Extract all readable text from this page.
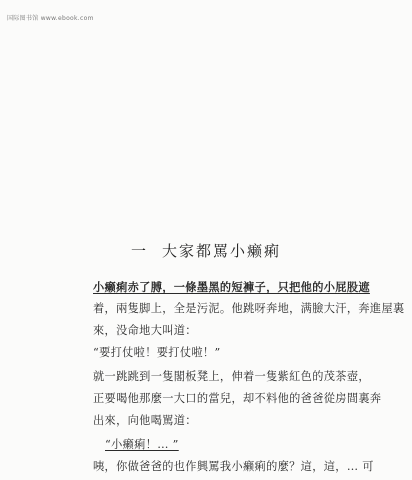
国际图书馆 www.ebook.com
一 大家都罵小癞痢
小癞痢赤了膊，一條墨黑的短褲子，只把他的小屁股遮
着，兩隻脚上，全是污泥。他跳呀奔地，满臉大汗，奔進屋裏
來，没命地大叫道：
“要打仗啦！要打仗啦！”
就一跳跳到一隻閣板凳上，伸着一隻紫紅色的茂茶壺，
正要喝他那麼一大口的當兒，却不料他的爸爸從房間裏奔
出來，向他喝駡道：
“小癞痢！… ”
咦，你做爸爸的也作興罵我小癞痢的麼？這，這，… 可
